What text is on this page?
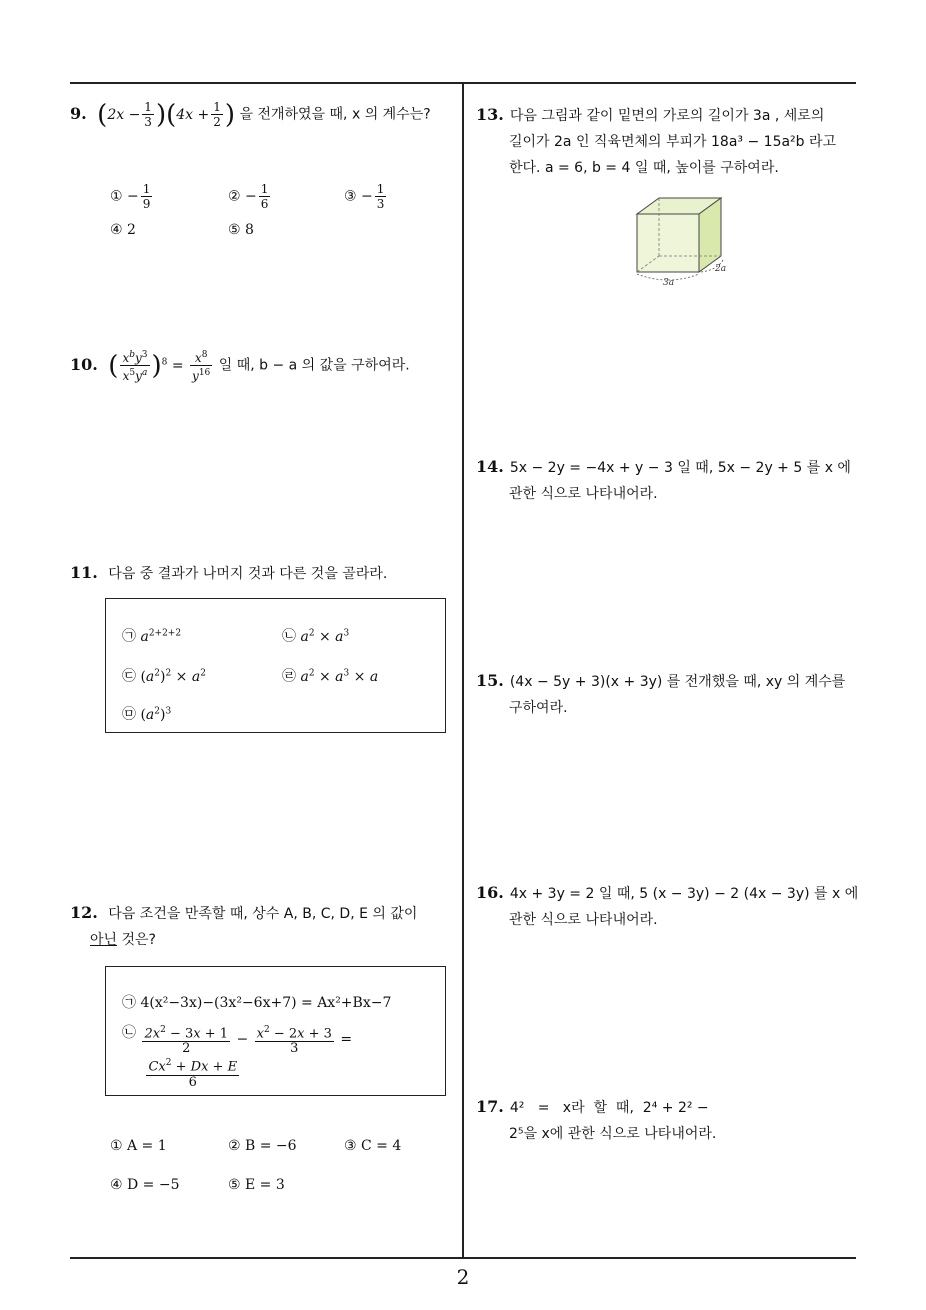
9. $(2x - \frac{1}{3} )(4x + \frac{1}{2}$ ) 을 전개하였을 때, x 의 계수는?
① − $\frac{1}{9}$	② − $\frac{1}{6}$	③ − $\frac{1}{3}$
④ 2	⑤ 8
10. ( $\frac{x^by^3}{x^5y^a} )^8 = \frac{x^8}{y^{16}}$ 일 때, b − a 의 값을 구하여라.
11. 다음 중 결과가 나머지 것과 다른 것을 골라라.
㉠ $a^{2+2+2}$	㉡ $a^2 \times a^3$
㉢ $(a^2)^2 \times a^2$	㉣ $a^2 \times a^3 \times a$
㉤ $(a^2)^3$
12. 다음 조건을 만족할 때, 상수 A, B, C, D, E 의 값이
아닌 것은?
㉠ 4(x²−3x)−(3x²−6x+7) = Ax²+Bx−7
㉡ $\frac{2x^2 - 3x + 1}{2} - \frac{x^2 - 2x + 3}{3}$ =

$\frac{Cx^2 + Dx + E}{6}$
① A = 1	② B = −6	③ C = 4
④ D = −5	⑤ E = 3
13. 다음 그림과 같이 밑면의 가로의 길이가 3a , 세로의
길이가 2a 인 직육면체의 부피가 18a³ − 15a²b 라고
한다. a = 6, b = 4 일 때, 높이를 구하여라.
3a
2a
14. 5x − 2y = −4x + y − 3 일 때, 5x − 2y + 5 를 x 에
관한 식으로 나타내어라.
15. (4x − 5y + 3)(x + 3y) 를 전개했을 때, xy 의 계수를
구하여라.
16. 4x + 3y = 2 일 때, 5 (x − 3y) − 2 (4x − 3y) 를 x 에
관한 식으로 나타내어라.
17. 4²   =   x라  할  때,  2⁴ + 2² −
2⁵을 x에 관한 식으로 나타내어라.
2
